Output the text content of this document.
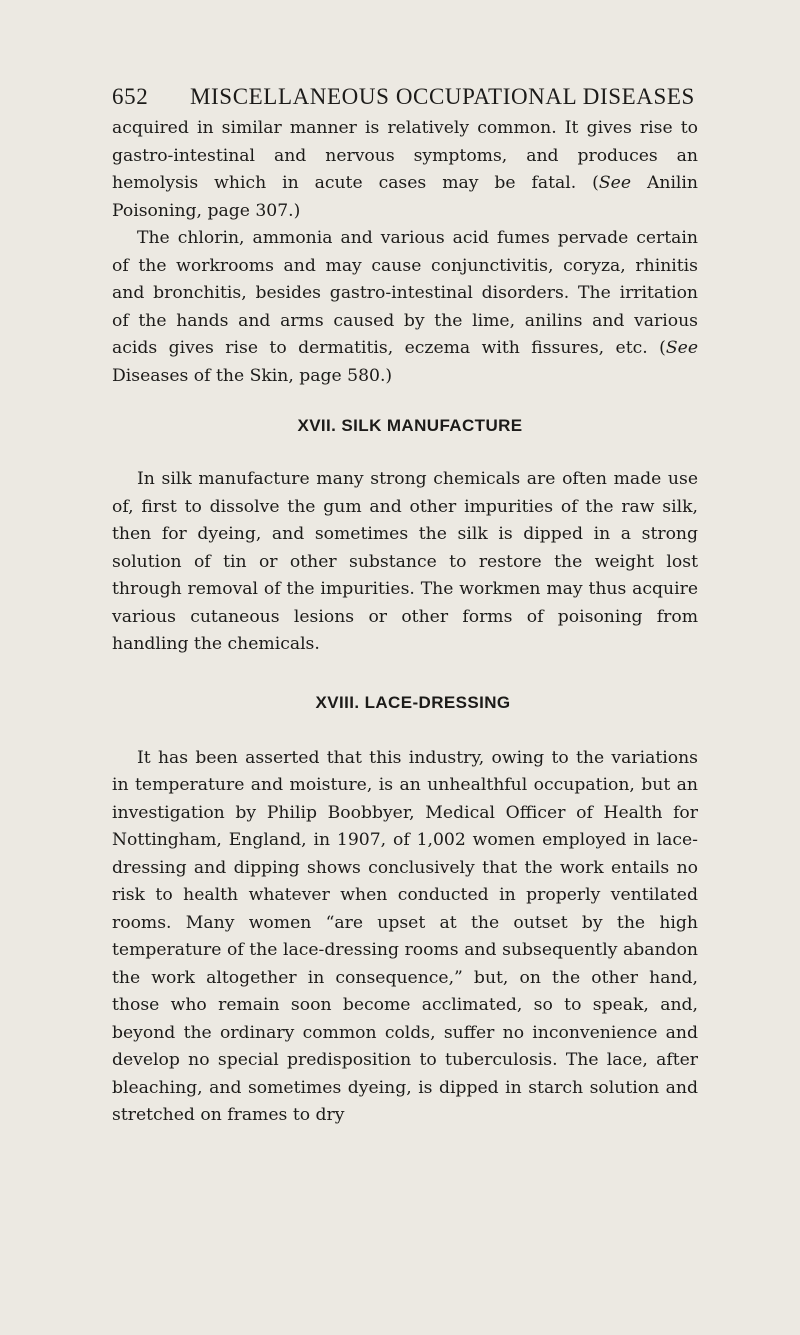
652 MISCELLANEOUS OCCUPATIONAL DISEASES

acquired in similar manner is relatively common. It gives rise to gastro-intestinal and nervous symptoms, and produces an hemolysis which in acute cases may be fatal. (See Anilin Poisoning, page 307.)

The chlorin, ammonia and various acid fumes pervade certain of the workrooms and may cause conjunctivitis, coryza, rhinitis and bronchitis, besides gastro-intestinal disorders. The irritation of the hands and arms caused by the lime, anilins and various acids gives rise to dermatitis, eczema with fissures, etc. (See Diseases of the Skin, page 580.)

XVII. SILK MANUFACTURE

In silk manufacture many strong chemicals are often made use of, first to dissolve the gum and other impurities of the raw silk, then for dyeing, and sometimes the silk is dipped in a strong solution of tin or other substance to restore the weight lost through removal of the impurities. The workmen may thus acquire various cutaneous lesions or other forms of poisoning from handling the chemicals.

XVIII. LACE-DRESSING

It has been asserted that this industry, owing to the variations in temperature and moisture, is an unhealthful occupation, but an investigation by Philip Boobbyer, Medical Officer of Health for Nottingham, England, in 1907, of 1,002 women employed in lace-dressing and dipping shows conclusively that the work entails no risk to health whatever when conducted in properly ventilated rooms. Many women “are upset at the outset by the high temperature of the lace-dressing rooms and subsequently abandon the work altogether in consequence,” but, on the other hand, those who remain soon become acclimated, so to speak, and, beyond the ordinary common colds, suffer no inconvenience and develop no special predisposition to tuberculosis. The lace, after bleaching, and sometimes dyeing, is dipped in starch solution and stretched on frames to dry
